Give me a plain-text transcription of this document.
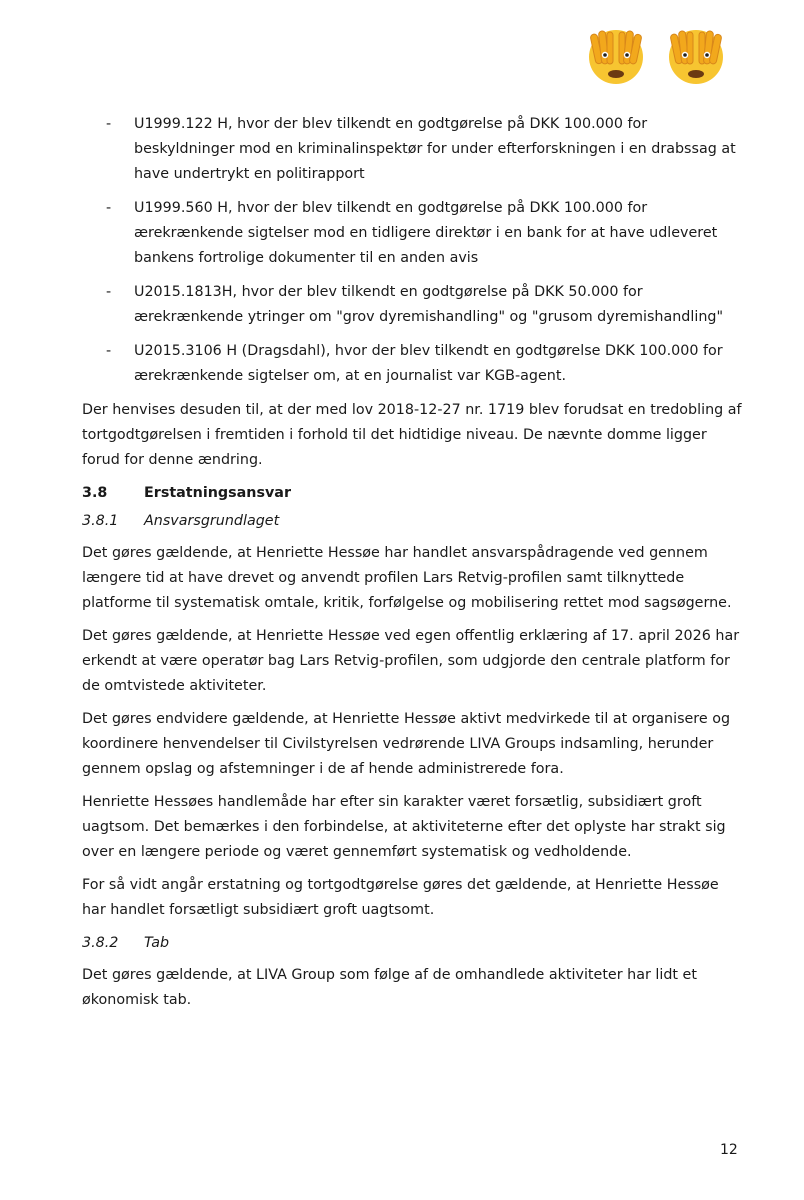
- U1999.122 H, hvor der blev tilkendt en godtgørelse på DKK 100.000 for beskyldninger mod en kriminalinspektør for under efterforskningen i en drabssag at have undertrykt en politirapport
- U1999.560 H, hvor der blev tilkendt en godtgørelse på DKK 100.000 for ærekrænkende sigtelser mod en tidligere direktør i en bank for at have udleveret bankens fortrolige dokumenter til en anden avis
- U2015.1813H, hvor der blev tilkendt en godtgørelse på DKK 50.000 for ærekrænkende ytringer om "grov dyremishandling" og "grusom dyremishandling"
- U2015.3106 H (Dragsdahl), hvor der blev tilkendt en godtgørelse DKK 100.000 for ærekrænkende sigtelser om, at en journalist var KGB-agent.

Der henvises desuden til, at der med lov 2018-12-27 nr. 1719 blev forudsat en tredobling af tortgodtgørelsen i fremtiden i forhold til det hidtidige niveau. De nævnte domme ligger forud for denne ændring.

3.8	Erstatningsansvar
3.8.1	Ansvarsgrundlaget

Det gøres gældende, at Henriette Hessøe har handlet ansvarspådragende ved gennem længere tid at have drevet og anvendt profilen Lars Retvig-profilen samt tilknyttede platforme til systematisk omtale, kritik, forfølgelse og mobilisering rettet mod sagsøgerne.

Det gøres gældende, at Henriette Hessøe ved egen offentlig erklæring af 17. april 2026 har erkendt at være operatør bag Lars Retvig-profilen, som udgjorde den centrale platform for de omtvistede aktiviteter.

Det gøres endvidere gældende, at Henriette Hessøe aktivt medvirkede til at organisere og koordinere henvendelser til Civilstyrelsen vedrørende LIVA Groups indsamling, herunder gennem opslag og afstemninger i de af hende administrerede fora.

Henriette Hessøes handlemåde har efter sin karakter været forsætlig, subsidiært groft uagtsom. Det bemærkes i den forbindelse, at aktiviteterne efter det oplyste har strakt sig over en længere periode og været gennemført systematisk og vedholdende.

For så vidt angår erstatning og tortgodtgørelse gøres det gældende, at Henriette Hessøe har handlet forsætligt subsidiært groft uagtsomt.

3.8.2	Tab

Det gøres gældende, at LIVA Group som følge af de omhandlede aktiviteter har lidt et økonomisk tab.

12
